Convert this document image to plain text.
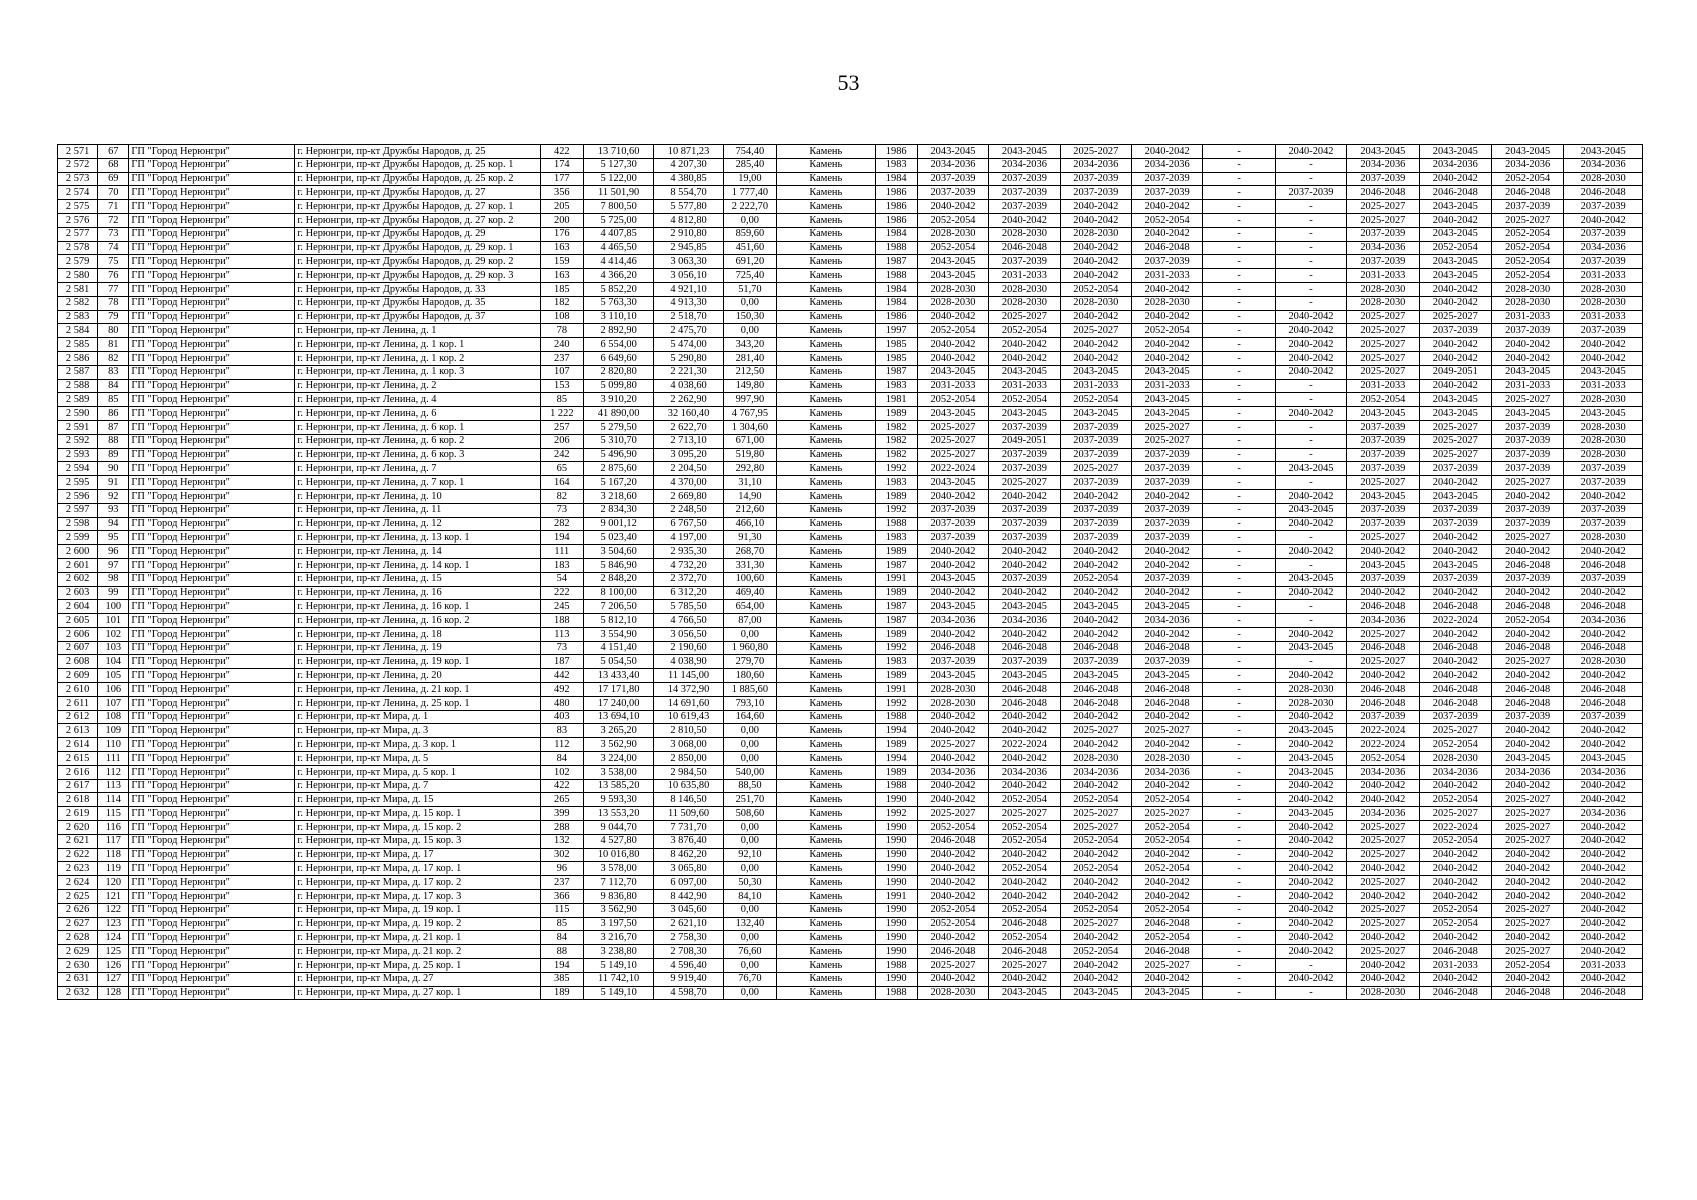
53
2 571	67	ГП "Город Нерюнгри"	г. Нерюнгри, пр-кт Дружбы Народов, д. 25	422	13 710,60	10 871,23	754,40	Камень	1986	2043-2045	2043-2045	2025-2027	2040-2042	-	2040-2042	2043-2045	2043-2045	2043-2045	2043-2045
2 572	68	ГП "Город Нерюнгри"	г. Нерюнгри, пр-кт Дружбы Народов, д. 25 кор. 1	174	5 127,30	4 207,30	285,40	Камень	1983	2034-2036	2034-2036	2034-2036	2034-2036	-	-	2034-2036	2034-2036	2034-2036	2034-2036
2 573	69	ГП "Город Нерюнгри"	г. Нерюнгри, пр-кт Дружбы Народов, д. 25 кор. 2	177	5 122,00	4 380,85	19,00	Камень	1984	2037-2039	2037-2039	2037-2039	2037-2039	-	-	2037-2039	2040-2042	2052-2054	2028-2030
2 574	70	ГП "Город Нерюнгри"	г. Нерюнгри, пр-кт Дружбы Народов, д. 27	356	11 501,90	8 554,70	1 777,40	Камень	1986	2037-2039	2037-2039	2037-2039	2037-2039	-	2037-2039	2046-2048	2046-2048	2046-2048	2046-2048
2 575	71	ГП "Город Нерюнгри"	г. Нерюнгри, пр-кт Дружбы Народов, д. 27 кор. 1	205	7 800,50	5 577,80	2 222,70	Камень	1986	2040-2042	2037-2039	2040-2042	2040-2042	-	-	2025-2027	2043-2045	2037-2039	2037-2039
2 576	72	ГП "Город Нерюнгри"	г. Нерюнгри, пр-кт Дружбы Народов, д. 27 кор. 2	200	5 725,00	4 812,80	0,00	Камень	1986	2052-2054	2040-2042	2040-2042	2052-2054	-	-	2025-2027	2040-2042	2025-2027	2040-2042
2 577	73	ГП "Город Нерюнгри"	г. Нерюнгри, пр-кт Дружбы Народов, д. 29	176	4 407,85	2 910,80	859,60	Камень	1984	2028-2030	2028-2030	2028-2030	2040-2042	-	-	2037-2039	2043-2045	2052-2054	2037-2039
2 578	74	ГП "Город Нерюнгри"	г. Нерюнгри, пр-кт Дружбы Народов, д. 29 кор. 1	163	4 465,50	2 945,85	451,60	Камень	1988	2052-2054	2046-2048	2040-2042	2046-2048	-	-	2034-2036	2052-2054	2052-2054	2034-2036
2 579	75	ГП "Город Нерюнгри"	г. Нерюнгри, пр-кт Дружбы Народов, д. 29 кор. 2	159	4 414,46	3 063,30	691,20	Камень	1987	2043-2045	2037-2039	2040-2042	2037-2039	-	-	2037-2039	2043-2045	2052-2054	2037-2039
2 580	76	ГП "Город Нерюнгри"	г. Нерюнгри, пр-кт Дружбы Народов, д. 29 кор. 3	163	4 366,20	3 056,10	725,40	Камень	1988	2043-2045	2031-2033	2040-2042	2031-2033	-	-	2031-2033	2043-2045	2052-2054	2031-2033
2 581	77	ГП "Город Нерюнгри"	г. Нерюнгри, пр-кт Дружбы Народов, д. 33	185	5 852,20	4 921,10	51,70	Камень	1984	2028-2030	2028-2030	2052-2054	2040-2042	-	-	2028-2030	2040-2042	2028-2030	2028-2030
2 582	78	ГП "Город Нерюнгри"	г. Нерюнгри, пр-кт Дружбы Народов, д. 35	182	5 763,30	4 913,30	0,00	Камень	1984	2028-2030	2028-2030	2028-2030	2028-2030	-	-	2028-2030	2040-2042	2028-2030	2028-2030
2 583	79	ГП "Город Нерюнгри"	г. Нерюнгри, пр-кт Дружбы Народов, д. 37	108	3 110,10	2 518,70	150,30	Камень	1986	2040-2042	2025-2027	2040-2042	2040-2042	-	2040-2042	2025-2027	2025-2027	2031-2033	2031-2033
2 584	80	ГП "Город Нерюнгри"	г. Нерюнгри, пр-кт Ленина, д. 1	78	2 892,90	2 475,70	0,00	Камень	1997	2052-2054	2052-2054	2025-2027	2052-2054	-	2040-2042	2025-2027	2037-2039	2037-2039	2037-2039
2 585	81	ГП "Город Нерюнгри"	г. Нерюнгри, пр-кт Ленина, д. 1 кор. 1	240	6 554,00	5 474,00	343,20	Камень	1985	2040-2042	2040-2042	2040-2042	2040-2042	-	2040-2042	2025-2027	2040-2042	2040-2042	2040-2042
2 586	82	ГП "Город Нерюнгри"	г. Нерюнгри, пр-кт Ленина, д. 1 кор. 2	237	6 649,60	5 290,80	281,40	Камень	1985	2040-2042	2040-2042	2040-2042	2040-2042	-	2040-2042	2025-2027	2040-2042	2040-2042	2040-2042
2 587	83	ГП "Город Нерюнгри"	г. Нерюнгри, пр-кт Ленина, д. 1 кор. 3	107	2 820,80	2 221,30	212,50	Камень	1987	2043-2045	2043-2045	2043-2045	2043-2045	-	2040-2042	2025-2027	2049-2051	2043-2045	2043-2045
2 588	84	ГП "Город Нерюнгри"	г. Нерюнгри, пр-кт Ленина, д. 2	153	5 099,80	4 038,60	149,80	Камень	1983	2031-2033	2031-2033	2031-2033	2031-2033	-	-	2031-2033	2040-2042	2031-2033	2031-2033
2 589	85	ГП "Город Нерюнгри"	г. Нерюнгри, пр-кт Ленина, д. 4	85	3 910,20	2 262,90	997,90	Камень	1981	2052-2054	2052-2054	2052-2054	2043-2045	-	-	2052-2054	2043-2045	2025-2027	2028-2030
2 590	86	ГП "Город Нерюнгри"	г. Нерюнгри, пр-кт Ленина, д. 6	1 222	41 890,00	32 160,40	4 767,95	Камень	1989	2043-2045	2043-2045	2043-2045	2043-2045	-	2040-2042	2043-2045	2043-2045	2043-2045	2043-2045
2 591	87	ГП "Город Нерюнгри"	г. Нерюнгри, пр-кт Ленина, д. 6 кор. 1	257	5 279,50	2 622,70	1 304,60	Камень	1982	2025-2027	2037-2039	2037-2039	2025-2027	-	-	2037-2039	2025-2027	2037-2039	2028-2030
2 592	88	ГП "Город Нерюнгри"	г. Нерюнгри, пр-кт Ленина, д. 6 кор. 2	206	5 310,70	2 713,10	671,00	Камень	1982	2025-2027	2049-2051	2037-2039	2025-2027	-	-	2037-2039	2025-2027	2037-2039	2028-2030
2 593	89	ГП "Город Нерюнгри"	г. Нерюнгри, пр-кт Ленина, д. 6 кор. 3	242	5 496,90	3 095,20	519,80	Камень	1982	2025-2027	2037-2039	2037-2039	2037-2039	-	-	2037-2039	2025-2027	2037-2039	2028-2030
2 594	90	ГП "Город Нерюнгри"	г. Нерюнгри, пр-кт Ленина, д. 7	65	2 875,60	2 204,50	292,80	Камень	1992	2022-2024	2037-2039	2025-2027	2037-2039	-	2043-2045	2037-2039	2037-2039	2037-2039	2037-2039
2 595	91	ГП "Город Нерюнгри"	г. Нерюнгри, пр-кт Ленина, д. 7 кор. 1	164	5 167,20	4 370,00	31,10	Камень	1983	2043-2045	2025-2027	2037-2039	2037-2039	-	-	2025-2027	2040-2042	2025-2027	2037-2039
2 596	92	ГП "Город Нерюнгри"	г. Нерюнгри, пр-кт Ленина, д. 10	82	3 218,60	2 669,80	14,90	Камень	1989	2040-2042	2040-2042	2040-2042	2040-2042	-	2040-2042	2043-2045	2043-2045	2040-2042	2040-2042
2 597	93	ГП "Город Нерюнгри"	г. Нерюнгри, пр-кт Ленина, д. 11	73	2 834,30	2 248,50	212,60	Камень	1992	2037-2039	2037-2039	2037-2039	2037-2039	-	2043-2045	2037-2039	2037-2039	2037-2039	2037-2039
2 598	94	ГП "Город Нерюнгри"	г. Нерюнгри, пр-кт Ленина, д. 12	282	9 001,12	6 767,50	466,10	Камень	1988	2037-2039	2037-2039	2037-2039	2037-2039	-	2040-2042	2037-2039	2037-2039	2037-2039	2037-2039
2 599	95	ГП "Город Нерюнгри"	г. Нерюнгри, пр-кт Ленина, д. 13 кор. 1	194	5 023,40	4 197,00	91,30	Камень	1983	2037-2039	2037-2039	2037-2039	2037-2039	-	-	2025-2027	2040-2042	2025-2027	2028-2030
2 600	96	ГП "Город Нерюнгри"	г. Нерюнгри, пр-кт Ленина, д. 14	111	3 504,60	2 935,30	268,70	Камень	1989	2040-2042	2040-2042	2040-2042	2040-2042	-	2040-2042	2040-2042	2040-2042	2040-2042	2040-2042
2 601	97	ГП "Город Нерюнгри"	г. Нерюнгри, пр-кт Ленина, д. 14 кор. 1	183	5 846,90	4 732,20	331,30	Камень	1987	2040-2042	2040-2042	2040-2042	2040-2042	-	-	2043-2045	2043-2045	2046-2048	2046-2048
2 602	98	ГП "Город Нерюнгри"	г. Нерюнгри, пр-кт Ленина, д. 15	54	2 848,20	2 372,70	100,60	Камень	1991	2043-2045	2037-2039	2052-2054	2037-2039	-	2043-2045	2037-2039	2037-2039	2037-2039	2037-2039
2 603	99	ГП "Город Нерюнгри"	г. Нерюнгри, пр-кт Ленина, д. 16	222	8 100,00	6 312,20	469,40	Камень	1989	2040-2042	2040-2042	2040-2042	2040-2042	-	2040-2042	2040-2042	2040-2042	2040-2042	2040-2042
2 604	100	ГП "Город Нерюнгри"	г. Нерюнгри, пр-кт Ленина, д. 16 кор. 1	245	7 206,50	5 785,50	654,00	Камень	1987	2043-2045	2043-2045	2043-2045	2043-2045	-	-	2046-2048	2046-2048	2046-2048	2046-2048
2 605	101	ГП "Город Нерюнгри"	г. Нерюнгри, пр-кт Ленина, д. 16 кор. 2	188	5 812,10	4 766,50	87,00	Камень	1987	2034-2036	2034-2036	2040-2042	2034-2036	-	-	2034-2036	2022-2024	2052-2054	2034-2036
2 606	102	ГП "Город Нерюнгри"	г. Нерюнгри, пр-кт Ленина, д. 18	113	3 554,90	3 056,50	0,00	Камень	1989	2040-2042	2040-2042	2040-2042	2040-2042	-	2040-2042	2025-2027	2040-2042	2040-2042	2040-2042
2 607	103	ГП "Город Нерюнгри"	г. Нерюнгри, пр-кт Ленина, д. 19	73	4 151,40	2 190,60	1 960,80	Камень	1992	2046-2048	2046-2048	2046-2048	2046-2048	-	2043-2045	2046-2048	2046-2048	2046-2048	2046-2048
2 608	104	ГП "Город Нерюнгри"	г. Нерюнгри, пр-кт Ленина, д. 19 кор. 1	187	5 054,50	4 038,90	279,70	Камень	1983	2037-2039	2037-2039	2037-2039	2037-2039	-	-	2025-2027	2040-2042	2025-2027	2028-2030
2 609	105	ГП "Город Нерюнгри"	г. Нерюнгри, пр-кт Ленина, д. 20	442	13 433,40	11 145,00	180,60	Камень	1989	2043-2045	2043-2045	2043-2045	2043-2045	-	2040-2042	2040-2042	2040-2042	2040-2042	2040-2042
2 610	106	ГП "Город Нерюнгри"	г. Нерюнгри, пр-кт Ленина, д. 21 кор. 1	492	17 171,80	14 372,90	1 885,60	Камень	1991	2028-2030	2046-2048	2046-2048	2046-2048	-	2028-2030	2046-2048	2046-2048	2046-2048	2046-2048
2 611	107	ГП "Город Нерюнгри"	г. Нерюнгри, пр-кт Ленина, д. 25 кор. 1	480	17 240,00	14 691,60	793,10	Камень	1992	2028-2030	2046-2048	2046-2048	2046-2048	-	2028-2030	2046-2048	2046-2048	2046-2048	2046-2048
2 612	108	ГП "Город Нерюнгри"	г. Нерюнгри, пр-кт Мира, д. 1	403	13 694,10	10 619,43	164,60	Камень	1988	2040-2042	2040-2042	2040-2042	2040-2042	-	2040-2042	2037-2039	2037-2039	2037-2039	2037-2039
2 613	109	ГП "Город Нерюнгри"	г. Нерюнгри, пр-кт Мира, д. 3	83	3 265,20	2 810,50	0,00	Камень	1994	2040-2042	2040-2042	2025-2027	2025-2027	-	2043-2045	2022-2024	2025-2027	2040-2042	2040-2042
2 614	110	ГП "Город Нерюнгри"	г. Нерюнгри, пр-кт Мира, д. 3 кор. 1	112	3 562,90	3 068,00	0,00	Камень	1989	2025-2027	2022-2024	2040-2042	2040-2042	-	2040-2042	2022-2024	2052-2054	2040-2042	2040-2042
2 615	111	ГП "Город Нерюнгри"	г. Нерюнгри, пр-кт Мира, д. 5	84	3 224,00	2 850,00	0,00	Камень	1994	2040-2042	2040-2042	2028-2030	2028-2030	-	2043-2045	2052-2054	2028-2030	2043-2045	2043-2045
2 616	112	ГП "Город Нерюнгри"	г. Нерюнгри, пр-кт Мира, д. 5 кор. 1	102	3 538,00	2 984,50	540,00	Камень	1989	2034-2036	2034-2036	2034-2036	2034-2036	-	2043-2045	2034-2036	2034-2036	2034-2036	2034-2036
2 617	113	ГП "Город Нерюнгри"	г. Нерюнгри, пр-кт Мира, д. 7	422	13 585,20	10 635,80	88,50	Камень	1988	2040-2042	2040-2042	2040-2042	2040-2042	-	2040-2042	2040-2042	2040-2042	2040-2042	2040-2042
2 618	114	ГП "Город Нерюнгри"	г. Нерюнгри, пр-кт Мира, д. 15	265	9 593,30	8 146,50	251,70	Камень	1990	2040-2042	2052-2054	2052-2054	2052-2054	-	2040-2042	2040-2042	2052-2054	2025-2027	2040-2042
2 619	115	ГП "Город Нерюнгри"	г. Нерюнгри, пр-кт Мира, д. 15 кор. 1	399	13 553,20	11 509,60	508,60	Камень	1992	2025-2027	2025-2027	2025-2027	2025-2027	-	2043-2045	2034-2036	2025-2027	2025-2027	2034-2036
2 620	116	ГП "Город Нерюнгри"	г. Нерюнгри, пр-кт Мира, д. 15 кор. 2	288	9 044,70	7 731,70	0,00	Камень	1990	2052-2054	2052-2054	2025-2027	2052-2054	-	2040-2042	2025-2027	2022-2024	2025-2027	2040-2042
2 621	117	ГП "Город Нерюнгри"	г. Нерюнгри, пр-кт Мира, д. 15 кор. 3	132	4 527,80	3 876,40	0,00	Камень	1990	2046-2048	2052-2054	2052-2054	2052-2054	-	2040-2042	2025-2027	2052-2054	2025-2027	2040-2042
2 622	118	ГП "Город Нерюнгри"	г. Нерюнгри, пр-кт Мира, д. 17	302	10 016,80	8 462,20	92,10	Камень	1990	2040-2042	2040-2042	2040-2042	2040-2042	-	2040-2042	2025-2027	2040-2042	2040-2042	2040-2042
2 623	119	ГП "Город Нерюнгри"	г. Нерюнгри, пр-кт Мира, д. 17 кор. 1	96	3 578,00	3 065,80	0,00	Камень	1990	2040-2042	2052-2054	2052-2054	2052-2054	-	2040-2042	2040-2042	2040-2042	2040-2042	2040-2042
2 624	120	ГП "Город Нерюнгри"	г. Нерюнгри, пр-кт Мира, д. 17 кор. 2	237	7 112,70	6 097,00	50,30	Камень	1990	2040-2042	2040-2042	2040-2042	2040-2042	-	2040-2042	2025-2027	2040-2042	2040-2042	2040-2042
2 625	121	ГП "Город Нерюнгри"	г. Нерюнгри, пр-кт Мира, д. 17 кор. 3	366	9 836,80	8 442,90	84,10	Камень	1991	2040-2042	2040-2042	2040-2042	2040-2042	-	2040-2042	2040-2042	2040-2042	2040-2042	2040-2042
2 626	122	ГП "Город Нерюнгри"	г. Нерюнгри, пр-кт Мира, д. 19 кор. 1	115	3 562,90	3 045,60	0,00	Камень	1990	2052-2054	2052-2054	2052-2054	2052-2054	-	2040-2042	2025-2027	2052-2054	2025-2027	2040-2042
2 627	123	ГП "Город Нерюнгри"	г. Нерюнгри, пр-кт Мира, д. 19 кор. 2	85	3 197,50	2 621,10	132,40	Камень	1990	2052-2054	2046-2048	2025-2027	2046-2048	-	2040-2042	2025-2027	2052-2054	2025-2027	2040-2042
2 628	124	ГП "Город Нерюнгри"	г. Нерюнгри, пр-кт Мира, д. 21 кор. 1	84	3 216,70	2 758,30	0,00	Камень	1990	2040-2042	2052-2054	2040-2042	2052-2054	-	2040-2042	2040-2042	2040-2042	2040-2042	2040-2042
2 629	125	ГП "Город Нерюнгри"	г. Нерюнгри, пр-кт Мира, д. 21 кор. 2	88	3 238,80	2 708,30	76,60	Камень	1990	2046-2048	2046-2048	2052-2054	2046-2048	-	2040-2042	2025-2027	2046-2048	2025-2027	2040-2042
2 630	126	ГП "Город Нерюнгри"	г. Нерюнгри, пр-кт Мира, д. 25 кор. 1	194	5 149,10	4 596,40	0,00	Камень	1988	2025-2027	2025-2027	2040-2042	2025-2027	-	-	2040-2042	2031-2033	2052-2054	2031-2033
2 631	127	ГП "Город Нерюнгри"	г. Нерюнгри, пр-кт Мира, д. 27	385	11 742,10	9 919,40	76,70	Камень	1990	2040-2042	2040-2042	2040-2042	2040-2042	-	2040-2042	2040-2042	2040-2042	2040-2042	2040-2042
2 632	128	ГП "Город Нерюнгри"	г. Нерюнгри, пр-кт Мира, д. 27 кор. 1	189	5 149,10	4 598,70	0,00	Камень	1988	2028-2030	2043-2045	2043-2045	2043-2045	-	-	2028-2030	2046-2048	2046-2048	2046-2048
